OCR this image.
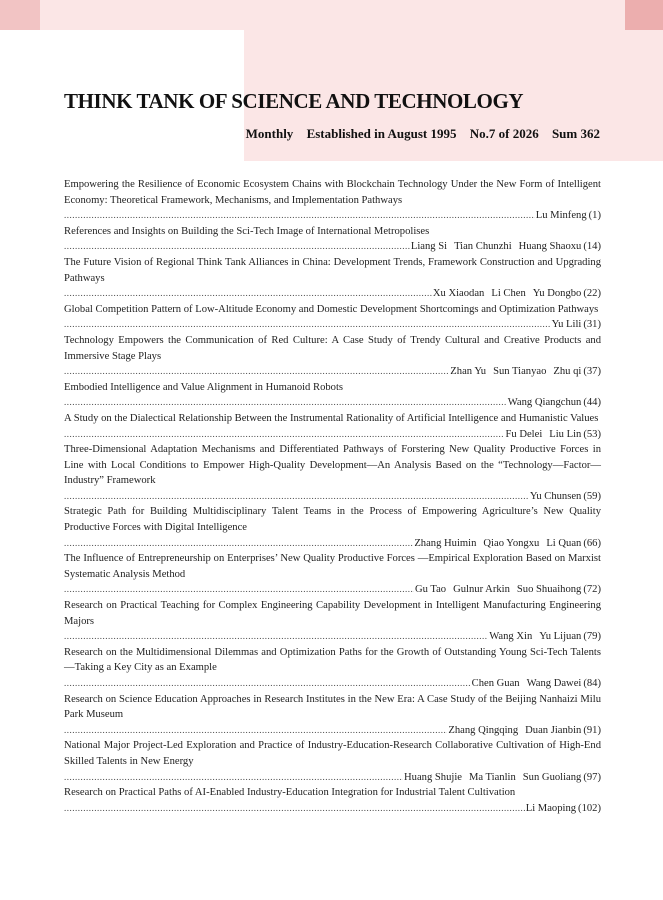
THINK TANK OF SCIENCE AND TECHNOLOGY
Monthly Established in August 1995 No.7 of 2026 Sum 362
Empowering the Resilience of Economic Ecosystem Chains with Blockchain Technology Under the New Form of Intelligent Economy: Theoretical Framework, Mechanisms, and Implementation Pathways
.....
Lu Minfeng (1)
References and Insights on Building the Sci-Tech Image of International Metropolises
.....
Liang Si Tian Chunzhi Huang Shaoxu (14)
The Future Vision of Regional Think Tank Alliances in China: Development Trends, Framework Construction and Upgrading Pathways
.....
Xu Xiaodan Li Chen Yu Dongbo (22)
Global Competition Pattern of Low-Altitude Economy and Domestic Development Shortcomings and Optimization Pathways
.....
Yu Lili (31)
Technology Empowers the Communication of Red Culture: A Case Study of Trendy Cultural and Creative Products and Immersive Stage Plays
.....
Zhan Yu Sun Tianyao Zhu qi (37)
Embodied Intelligence and Value Alignment in Humanoid Robots
.....
Wang Qiangchun (44)
A Study on the Dialectical Relationship Between the Instrumental Rationality of Artificial Intelligence and Humanistic Values
.....
Fu Delei Liu Lin (53)
Three-Dimensional Adaptation Mechanisms and Differentiated Pathways of Forstering New Quality Productive Forces in Line with Local Conditions to Empower High-Quality Development—An Analysis Based on the “Technology—Factor—Industry” Framework
.....
Yu Chunsen (59)
Strategic Path for Building Multidisciplinary Talent Teams in the Process of Empowering Agriculture’s New Quality Productive Forces with Digital Intelligence
.....
Zhang Huimin Qiao Yongxu Li Quan (66)
The Influence of Entrepreneurship on Enterprises’ New Quality Productive Forces —Empirical Exploration Based on Marxist Systematic Analysis Method
.....
Gu Tao Gulnur Arkin Suo Shuaihong (72)
Research on Practical Teaching for Complex Engineering Capability Development in Intelligent Manufacturing Engineering Majors
.....
Wang Xin Yu Lijuan (79)
Research on the Multidimensional Dilemmas and Optimization Paths for the Growth of Outstanding Young Sci-Tech Talents—Taking a Key City as an Example
.....
Chen Guan Wang Dawei (84)
Research on Science Education Approaches in Research Institutes in the New Era: A Case Study of the Beijing Nanhaizi Milu Park Museum
.....
Zhang Qingqing Duan Jianbin (91)
National Major Project-Led Exploration and Practice of Industry-Education-Research Collaborative Cultivation of High-End Skilled Talents in New Energy
.....
Huang Shujie Ma Tianlin Sun Guoliang (97)
Research on Practical Paths of AI-Enabled Industry-Education Integration for Industrial Talent Cultivation
.....
Li Maoping (102)
